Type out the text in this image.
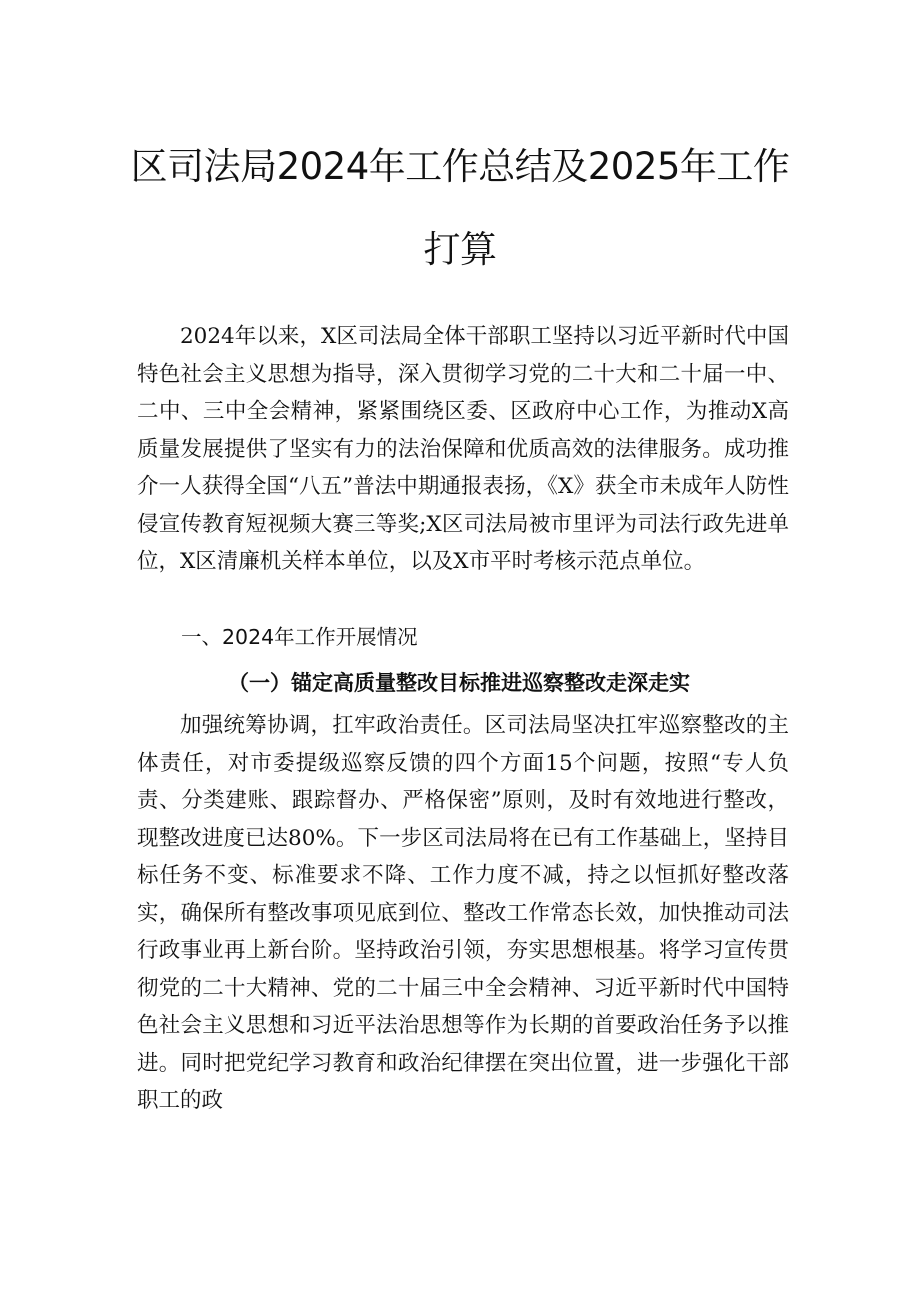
区司法局2024年工作总结及2025年工作
打算

2024年以来，X区司法局全体干部职工坚持以习近平新时代中国特色社会主义思想为指导，深入贯彻学习党的二十大和二十届一中、二中、三中全会精神，紧紧围绕区委、区政府中心工作，为推动X高质量发展提供了坚实有力的法治保障和优质高效的法律服务。成功推介一人获得全国“八五”普法中期通报表扬，《X》获全市未成年人防性侵宣传教育短视频大赛三等奖;X区司法局被市里评为司法行政先进单位，X区清廉机关样本单位，以及X市平时考核示范点单位。

一、2024年工作开展情况

（一）锚定高质量整改目标推进巡察整改走深走实

加强统筹协调，扛牢政治责任。区司法局坚决扛牢巡察整改的主体责任，对市委提级巡察反馈的四个方面15个问题，按照“专人负责、分类建账、跟踪督办、严格保密”原则，及时有效地进行整改，现整改进度已达80%。下一步区司法局将在已有工作基础上，坚持目标任务不变、标准要求不降、工作力度不减，持之以恒抓好整改落实，确保所有整改事项见底到位、整改工作常态长效，加快推动司法行政事业再上新台阶。坚持政治引领，夯实思想根基。将学习宣传贯彻党的二十大精神、党的二十届三中全会精神、习近平新时代中国特色社会主义思想和习近平法治思想等作为长期的首要政治任务予以推进。同时把党纪学习教育和政治纪律摆在突出位置，进一步强化干部职工的政
